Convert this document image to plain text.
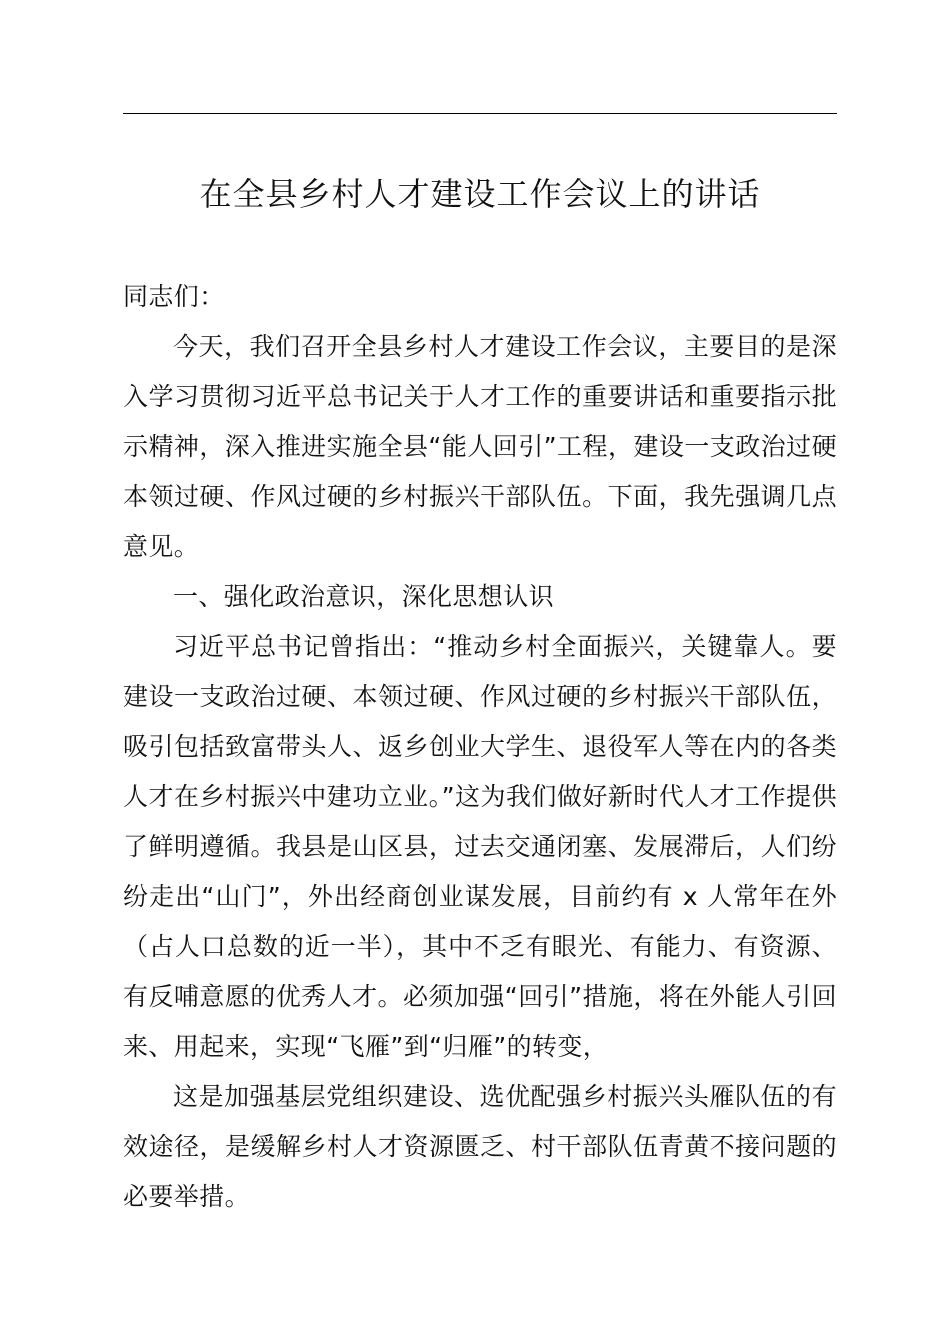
在全县乡村人才建设工作会议上的讲话

同志们：

今天，我们召开全县乡村人才建设工作会议，主要目的是深入学习贯彻习近平总书记关于人才工作的重要讲话和重要指示批示精神，深入推进实施全县“能人回引”工程，建设一支政治过硬本领过硬、作风过硬的乡村振兴干部队伍。下面，我先强调几点意见。

一、强化政治意识，深化思想认识

习近平总书记曾指出：“推动乡村全面振兴，关键靠人。要建设一支政治过硬、本领过硬、作风过硬的乡村振兴干部队伍，吸引包括致富带头人、返乡创业大学生、退役军人等在内的各类人才在乡村振兴中建功立业。”这为我们做好新时代人才工作提供了鲜明遵循。我县是山区县，过去交通闭塞、发展滞后，人们纷纷走出“山门”，外出经商创业谋发展，目前约有 x 人常年在外（占人口总数的近一半），其中不乏有眼光、有能力、有资源、有反哺意愿的优秀人才。必须加强“回引”措施，将在外能人引回来、用起来，实现“飞雁”到“归雁”的转变，

这是加强基层党组织建设、选优配强乡村振兴头雁队伍的有效途径，是缓解乡村人才资源匮乏、村干部队伍青黄不接问题的必要举措。
